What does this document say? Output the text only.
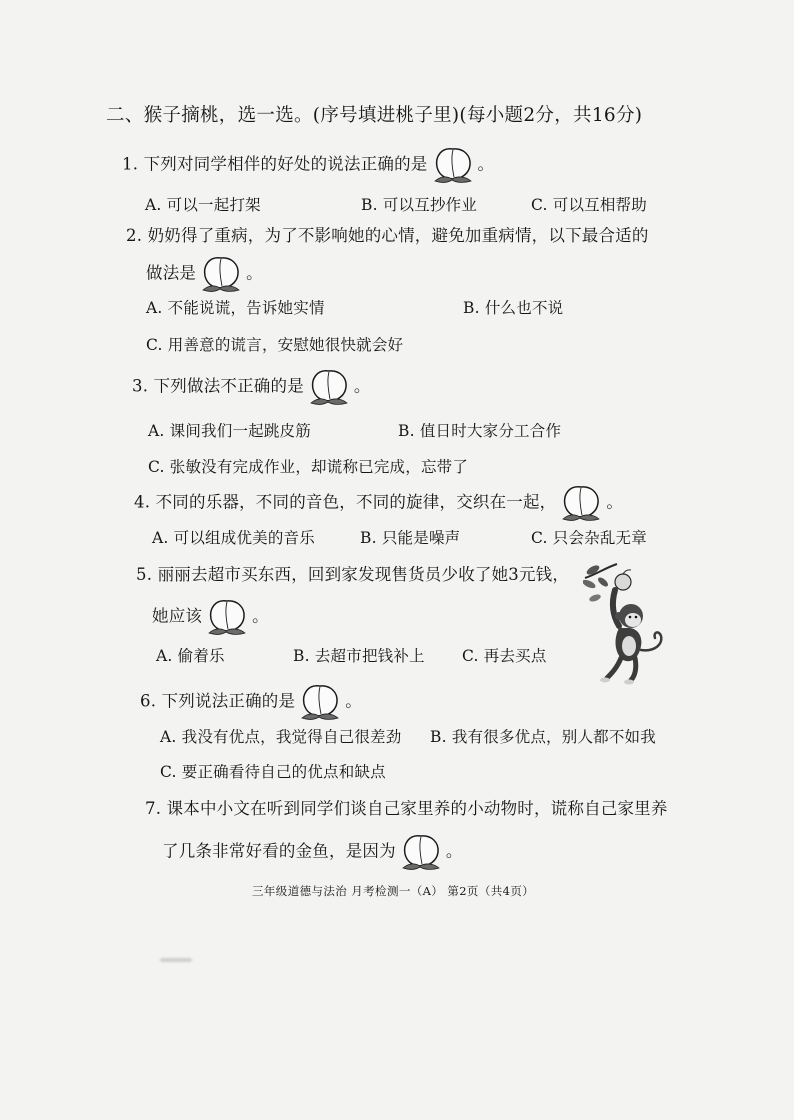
二、猴子摘桃，选一选。(序号填进桃子里)(每小题2分，共16分)
1. 下列对同学相伴的好处的说法正确的是	。
A. 可以一起打架	B. 可以互抄作业	C. 可以互相帮助
2. 奶奶得了重病，为了不影响她的心情，避免加重病情，以下最合适的
做法是	。
A. 不能说谎，告诉她实情	B. 什么也不说
C. 用善意的谎言，安慰她很快就会好
3. 下列做法不正确的是	。
A. 课间我们一起跳皮筋	B. 值日时大家分工合作
C. 张敏没有完成作业，却谎称已完成，忘带了
4. 不同的乐器，不同的音色，不同的旋律，交织在一起，	。
A. 可以组成优美的音乐	B. 只能是噪声	C. 只会杂乱无章
5. 丽丽去超市买东西，回到家发现售货员少收了她3元钱，
她应该	。
A. 偷着乐	B. 去超市把钱补上 C. 再去买点
6. 下列说法正确的是	。
A. 我没有优点，我觉得自己很差劲 B. 我有很多优点，别人都不如我
C. 要正确看待自己的优点和缺点
7. 课本中小文在听到同学们谈自己家里养的小动物时，谎称自己家里养
了几条非常好看的金鱼，是因为	。
三年级道德与法治 月考检测一（A） 第2页（共4页）
